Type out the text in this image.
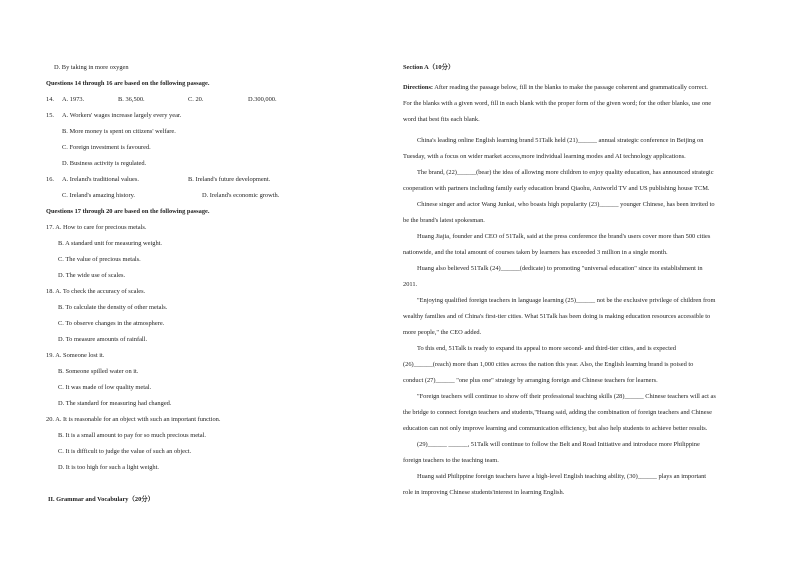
D. By taking in more oxygen
Questions 14 through 16 are based on the following passage.
14. A. 1973.	B. 36,500.	C. 20.	D.300,000.
15. A. Workers' wages increase largely every year.
B. More money is spent on citizens' welfare.
C. Foreign investment is favoured.
D. Business activity is regulated.
16. A. Ireland's traditional values.	B. Ireland's future development.
C. Ireland's amazing history.	D. Ireland's economic growth.
Questions 17 through 20 are based on the following passage.
17. A. How to care for precious metals.
B. A standard unit for measuring weight.
C. The value of precious metals.
D. The wide use of scales.
18. A. To check the accuracy of scales.
B. To calculate the density of other metals.
C. To observe changes in the atmosphere.
D. To measure amounts of rainfall.
19. A. Someone lost it.
B. Someone spilled water on it.
C. It was made of low quality metal.
D. The standard for measuring had changed.
20. A. It is reasonable for an object with such an important function.
B. It is a small amount to pay for so much precious metal.
C. It is difficult to judge the value of such an object.
D. It is too high for such a light weight.
II. Grammar and Vocabulary（20分）
Section A（10分）
Directions: After reading the passage below, fill in the blanks to make the passage coherent and grammatically correct.
For the blanks with a given word, fill in each blank with the proper form of the given word; for the other blanks, use one
word that best fits each blank.
China's leading online English learning brand 51Talk held (21)______ annual strategic conference in Beijing on
Tuesday, with a focus on wider market access,more individual learning modes and AI technology applications.
The brand, (22)______(bear) the idea of allowing more children to enjoy quality education, has announced strategic
cooperation with partners including family early education brand Qiaohu, Aniworld TV and US publishing house TCM.
Chinese singer and actor Wang Junkai, who boasts high popularity (23)______ younger Chinese, has been invited to
be the brand's latest spokesman.
Huang Jiajia, founder and CEO of 51Talk, said at the press conference the brand's users cover more than 500 cities
nationwide, and the total amount of courses taken by learners has exceeded 3 million in a single month.
Huang also believed 51Talk (24)______(dedicate) to promoting "universal education" since its establishment in
2011.
"Enjoying qualified foreign teachers in language learning (25)______ not be the exclusive privilege of children from
wealthy families and of China's first-tier cities. What 51Talk has been doing is making education resources accessible to
more people," the CEO added.
To this end, 51Talk is ready to expand its appeal to more second- and third-tier cities, and is expected
(26)______(reach) more than 1,000 cities across the nation this year. Also, the English learning brand is poised to
conduct (27)______ "one plus one" strategy by arranging foreign and Chinese teachers for learners.
"Foreign teachers will continue to show off their professional teaching skills (28)______ Chinese teachers will act as
the bridge to connect foreign teachers and students,"Huang said, adding the combination of foreign teachers and Chinese
education can not only improve learning and communication efficiency, but also help students to achieve better results.
(29)______ ______, 51Talk will continue to follow the Belt and Road Initiative and introduce more Philippine
foreign teachers to the teaching team.
Huang said Philippine foreign teachers have a high-level English teaching ability, (30)______ plays an important
role in improving Chinese students'interest in learning English.
